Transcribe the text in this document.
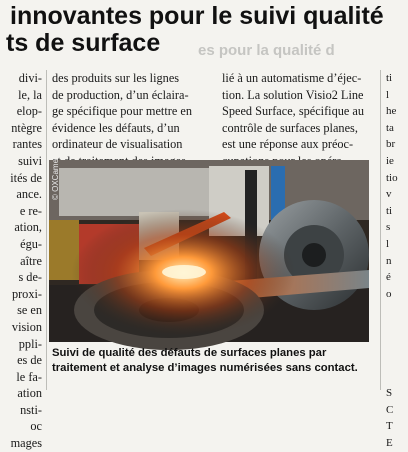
innovantes pour le suivi qualité
ts de surface	es pour la qualité d
divi-
le, la
elop-
ntègre
rantes
suivi
ités de
ance.
e re-
ation,
égu-
aître
s de-
proxi-
se en
vision
ppli-
es de
le fa-
ation
nsti-
oc
mages
des produits sur les lignes
de production, d’un éclaira-
ge spécifique pour mettre en
évidence les défauts, d’un
ordinateur de visualisation
lié à un automatisme d’éjec-
tion. La solution Visio2 Line
Speed Surface, spécifique au
contrôle de surfaces planes,
est une réponse aux préoc-
ti
l
he
ta
br
ie
tio
v
ti
s
l
n
é
o
S
C
T
E
© OXCame
Suivi de qualité des défauts de surfaces planes par
traitement et analyse d’images numérisées sans contact.
